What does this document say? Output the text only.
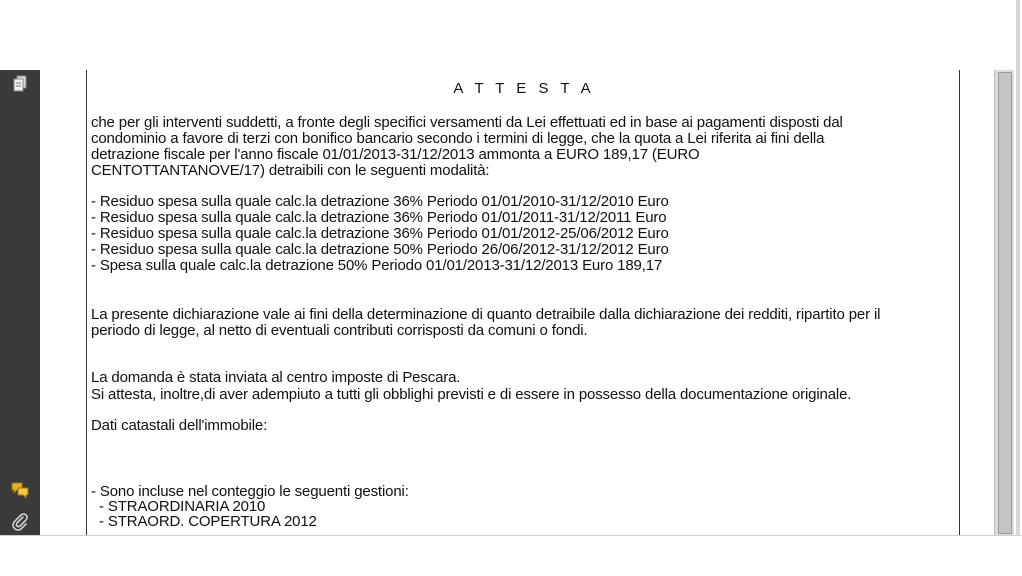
A T T E S T A
che per gli interventi suddetti, a fronte degli specifici versamenti da Lei effettuati ed in base ai pagamenti disposti dal
condominio a favore di terzi con bonifico bancario secondo i termini di legge, che la quota a Lei riferita ai fini della
detrazione fiscale per l'anno fiscale 01/01/2013-31/12/2013 ammonta a EURO 189,17 (EURO
CENTOTTANTANOVE/17) detraibili con le seguenti modalità:
- Residuo spesa sulla quale calc.la detrazione 36% Periodo 01/01/2010-31/12/2010 Euro
- Residuo spesa sulla quale calc.la detrazione 36% Periodo 01/01/2011-31/12/2011 Euro
- Residuo spesa sulla quale calc.la detrazione 36% Periodo 01/01/2012-25/06/2012 Euro
- Residuo spesa sulla quale calc.la detrazione 50% Periodo 26/06/2012-31/12/2012 Euro
- Spesa sulla quale calc.la detrazione 50% Periodo 01/01/2013-31/12/2013 Euro 189,17
La presente dichiarazione vale ai fini della determinazione di quanto detraibile dalla dichiarazione dei redditi, ripartito per il
periodo di legge, al netto di eventuali contributi corrisposti da comuni o fondi.
La domanda è stata inviata al centro imposte di Pescara.
Si attesta, inoltre,di aver adempiuto a tutti gli obblighi previsti e di essere in possesso della documentazione originale.
Dati catastali dell'immobile:
- Sono incluse nel conteggio le seguenti gestioni:
- STRAORDINARIA 2010
- STRAORD. COPERTURA 2012
